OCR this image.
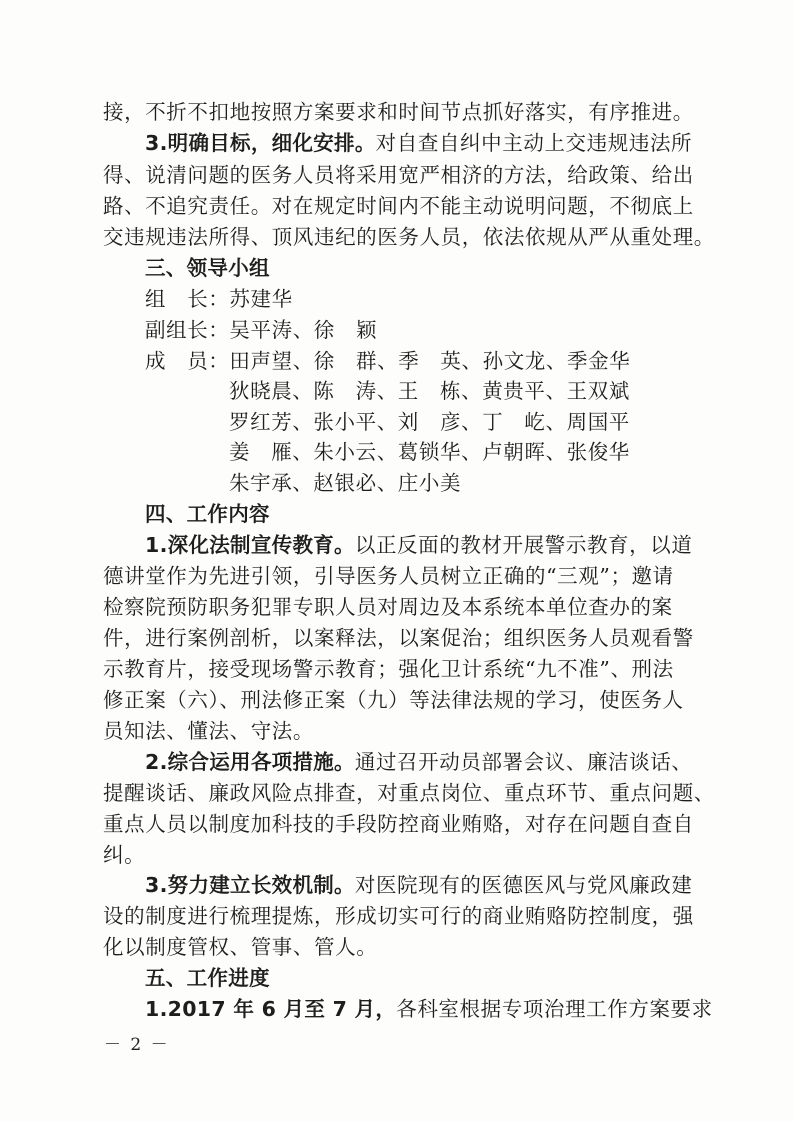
接，不折不扣地按照方案要求和时间节点抓好落实，有序推进。
3.明确目标，细化安排。对自查自纠中主动上交违规违法所
得、说清问题的医务人员将采用宽严相济的方法，给政策、给出
路、不追究责任。对在规定时间内不能主动说明问题，不彻底上
交违规违法所得、顶风违纪的医务人员，依法依规从严从重处理。
三、领导小组
组　长：苏建华
副组长：吴平涛、徐　颖
成　员：田声望、徐　群、季　英、孙文龙、季金华
狄晓晨、陈　涛、王　栋、黄贵平、王双斌
罗红芳、张小平、刘　彦、丁　屹、周国平
姜　雁、朱小云、葛锁华、卢朝晖、张俊华
朱宇承、赵银必、庄小美
四、工作内容
1.深化法制宣传教育。以正反面的教材开展警示教育，以道
德讲堂作为先进引领，引导医务人员树立正确的“三观”；邀请
检察院预防职务犯罪专职人员对周边及本系统本单位查办的案
件，进行案例剖析，以案释法，以案促治；组织医务人员观看警
示教育片，接受现场警示教育；强化卫计系统“九不准”、刑法
修正案（六）、刑法修正案（九）等法律法规的学习，使医务人
员知法、懂法、守法。
2.综合运用各项措施。通过召开动员部署会议、廉洁谈话、
提醒谈话、廉政风险点排查，对重点岗位、重点环节、重点问题、
重点人员以制度加科技的手段防控商业贿赂，对存在问题自查自
纠。
3.努力建立长效机制。对医院现有的医德医风与党风廉政建
设的制度进行梳理提炼，形成切实可行的商业贿赂防控制度，强
化以制度管权、管事、管人。
五、工作进度
1.2017 年 6 月至 7 月，各科室根据专项治理工作方案要求
－ 2 －
